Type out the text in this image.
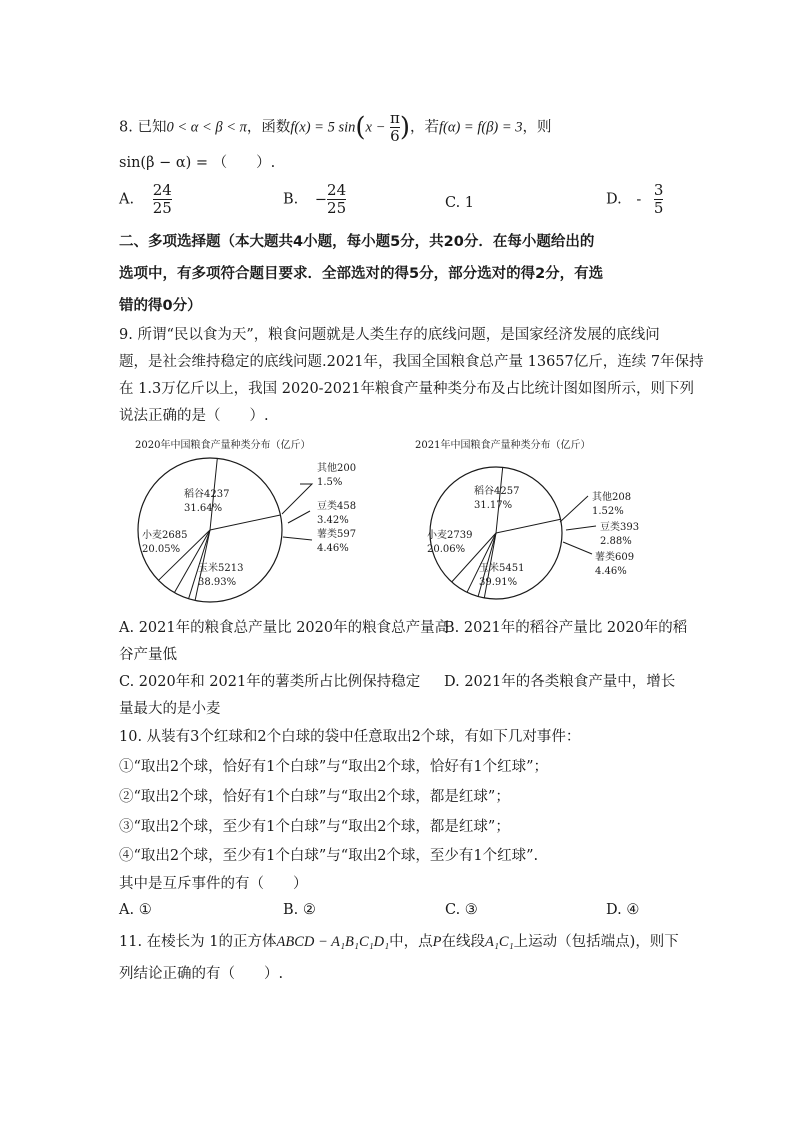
8. 已知0 < α < β < π，函数f(x) = 5 $\sin(x - \frac{\pi}{6}$ )，若f(α) = f(β) = 3，则
sin(β − α) = （　　）.
A. $\frac{24}{25}$	B. − $\frac{24}{25}$	C. 1	D. - $\frac{3}{5}$
二、多项选择题（本大题共4小题，每小题5分，共20分．在每小题给出的
选项中，有多项符合题目要求．全部选对的得5分，部分选对的得2分，有选
错的得0分）
9. 所谓“民以食为天”，粮食问题就是人类生存的底线问题，是国家经济发展的底线问
题，是社会维持稳定的底线问题.2021年，我国全国粮食总产量 13657亿斤，连续 7年保持
在 1.3万亿斤以上，我国 2020-2021年粮食产量种类分布及占比统计图如图所示，则下列
说法正确的是（　　）.
2020年中国粮食产量种类分布（亿斤）
稻谷4237
31.64%
小麦2685
20.05%
玉米5213
38.93%
其他200
1.5%
豆类458
3.42%
薯类597
4.46%
2021年中国粮食产量种类分布（亿斤）
稻谷4257
31.17%
小麦2739
20.06%
玉米5451
39.91%
其他208
1.52%
豆类393
2.88%
薯类609
4.46%
A. 2021年的粮食总产量比 2020年的粮食总产量高
B. 2021年的稻谷产量比 2020年的稻
谷产量低
C. 2020年和 2021年的薯类所占比例保持稳定 D. 2021年的各类粮食产量中，增长
量最大的是小麦
10. 从装有3个红球和2个白球的袋中任意取出2个球，有如下几对事件：
①“取出2个球，恰好有1个白球”与“取出2个球，恰好有1个红球”；
②“取出2个球，恰好有1个白球”与“取出2个球，都是红球”；
③“取出2个球，至少有1个白球”与“取出2个球，都是红球”；
④“取出2个球，至少有1个白球”与“取出2个球，至少有1个红球”.
其中是互斥事件的有（　　）
A. ①	B. ②	C. ③	D. ④
11. 在棱长为 1的正方体ABCD − A₁B₁C₁D₁中，点P在线段A₁C₁上运动（包括端点)，则下
列结论正确的有（　　）.
